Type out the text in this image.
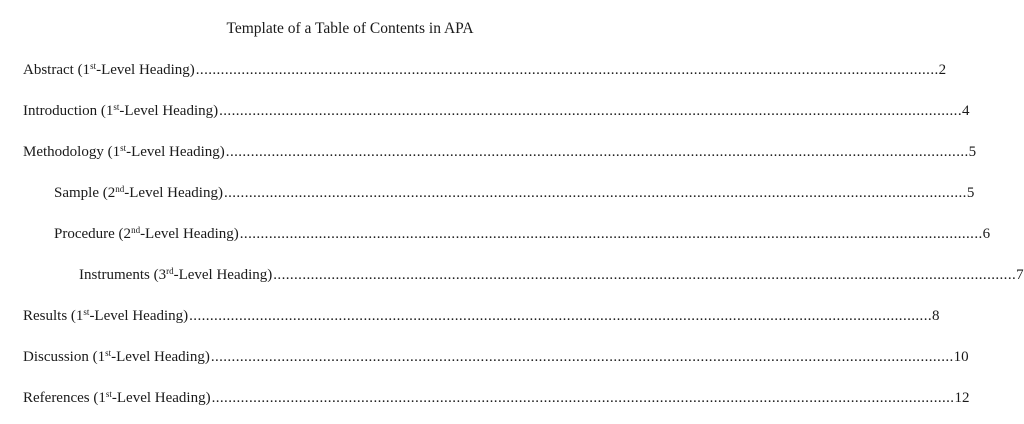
Template of a Table of Contents in APA
Abstract (1st-Level Heading) ................................................................................................................................................................................... 2
Introduction (1st-Level Heading) ................................................................................................................................................................................... 4
Methodology (1st-Level Heading) ................................................................................................................................................................................... 5
Sample (2nd-Level Heading) ................................................................................................................................................................................... 5
Procedure (2nd-Level Heading) ................................................................................................................................................................................... 6
Instruments (3rd-Level Heading) ................................................................................................................................................................................... 7
Results (1st-Level Heading) ................................................................................................................................................................................... 8
Discussion (1st-Level Heading) ................................................................................................................................................................................... 10
References (1st-Level Heading) ................................................................................................................................................................................... 12
